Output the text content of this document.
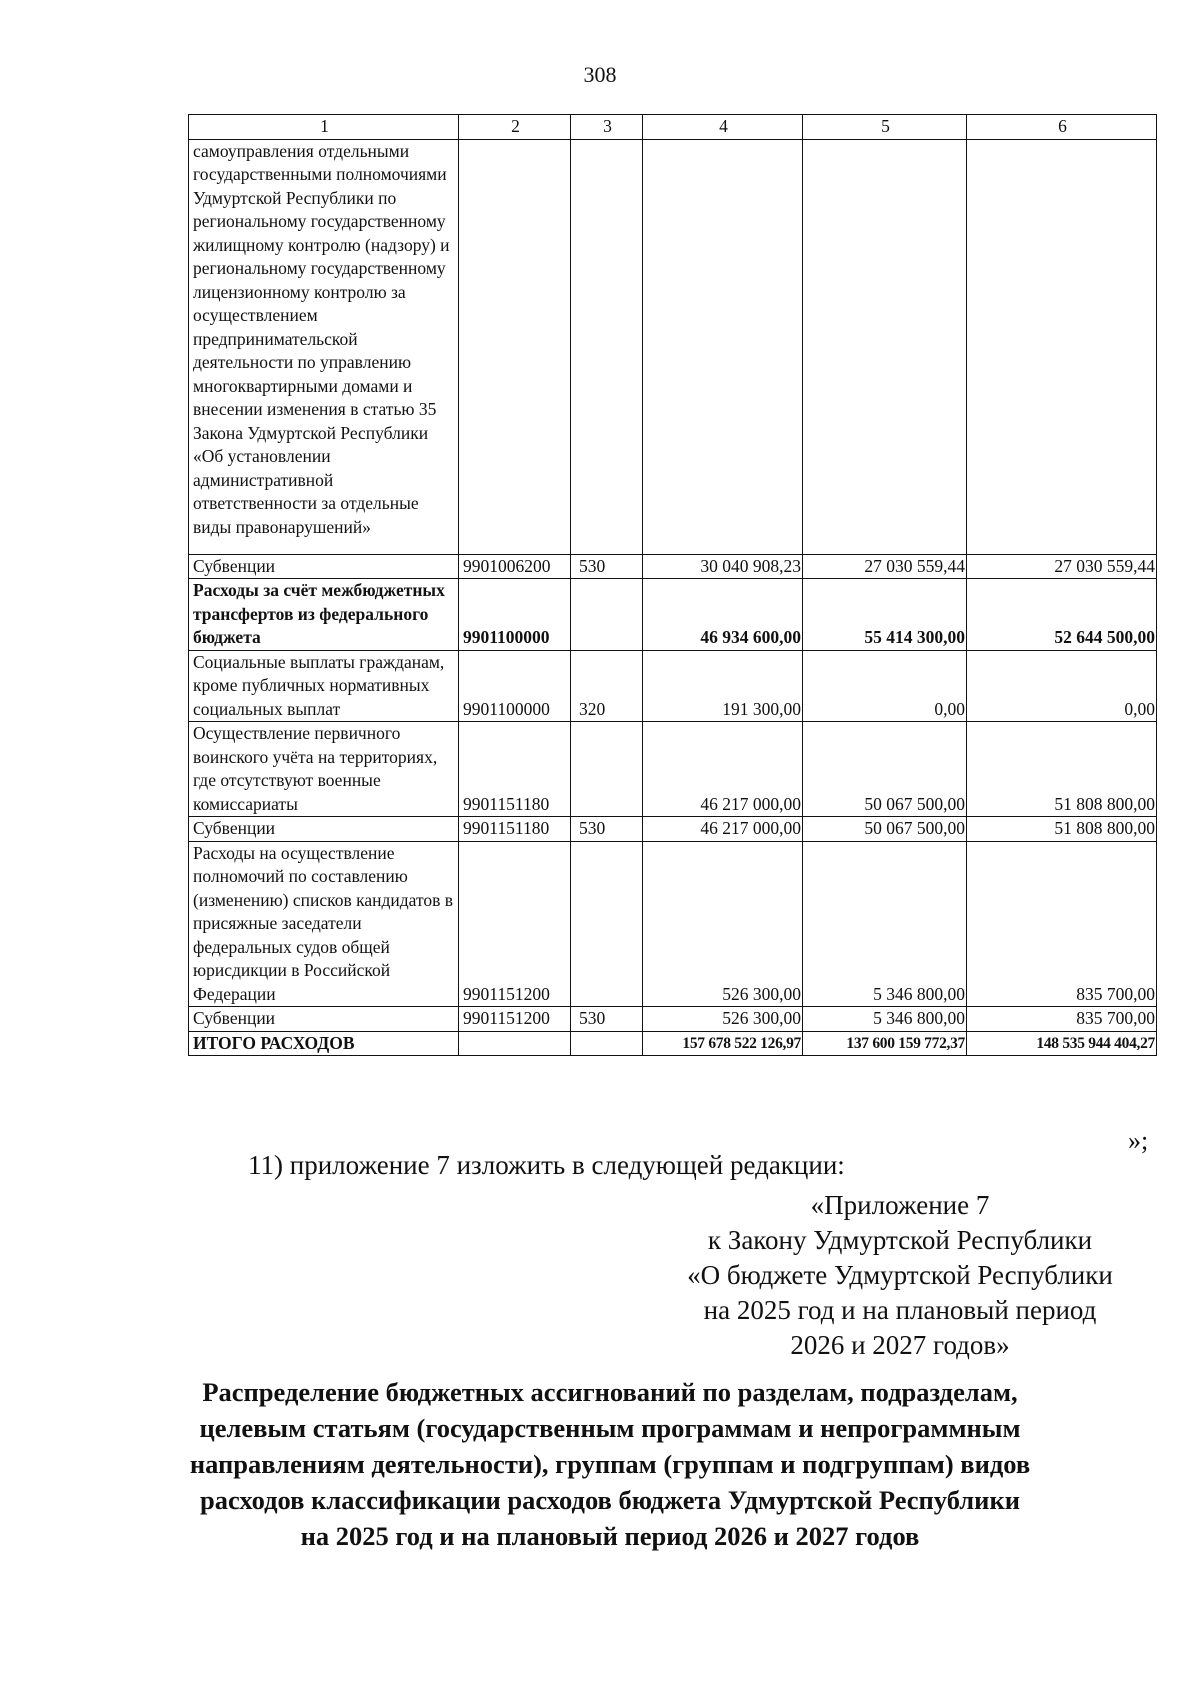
308
1	2	3	4	5	6
самоуправления отдельными государственными полномочиями Удмуртской Республики по региональному государственному жилищному контролю (надзору) и региональному государственному лицензионному контролю за осуществлением предпринимательской деятельности по управлению многоквартирными домами и внесении изменения в статью 35 Закона Удмуртской Республики «Об установлении административной ответственности за отдельные виды правонарушений»					
Субвенции	9901006200	530	30 040 908,23	27 030 559,44	27 030 559,44
Расходы за счёт межбюджетных трансфертов из федерального бюджета	9901100000		46 934 600,00	55 414 300,00	52 644 500,00
Социальные выплаты гражданам, кроме публичных нормативных социальных выплат	9901100000	320	191 300,00	0,00	0,00
Осуществление первичного воинского учёта на территориях, где отсутствуют военные комиссариаты	9901151180		46 217 000,00	50 067 500,00	51 808 800,00
Субвенции	9901151180	530	46 217 000,00	50 067 500,00	51 808 800,00
Расходы на осуществление полномочий по составлению (изменению) списков кандидатов в присяжные заседатели федеральных судов общей юрисдикции в Российской Федерации	9901151200		526 300,00	5 346 800,00	835 700,00
Субвенции	9901151200	530	526 300,00	5 346 800,00	835 700,00
ИТОГО РАСХОДОВ			157 678 522 126,97	137 600 159 772,37	148 535 944 404,27
»;
11) приложение 7 изложить в следующей редакции:
«Приложение 7
к Закону Удмуртской Республики
«О бюджете Удмуртской Республики
на 2025 год и на плановый период
2026 и 2027 годов»
Распределение бюджетных ассигнований по разделам, подразделам,
целевым статьям (государственным программам и непрограммным
направлениям деятельности), группам (группам и подгруппам) видов
расходов классификации расходов бюджета Удмуртской Республики
на 2025 год и на плановый период 2026 и 2027 годов
